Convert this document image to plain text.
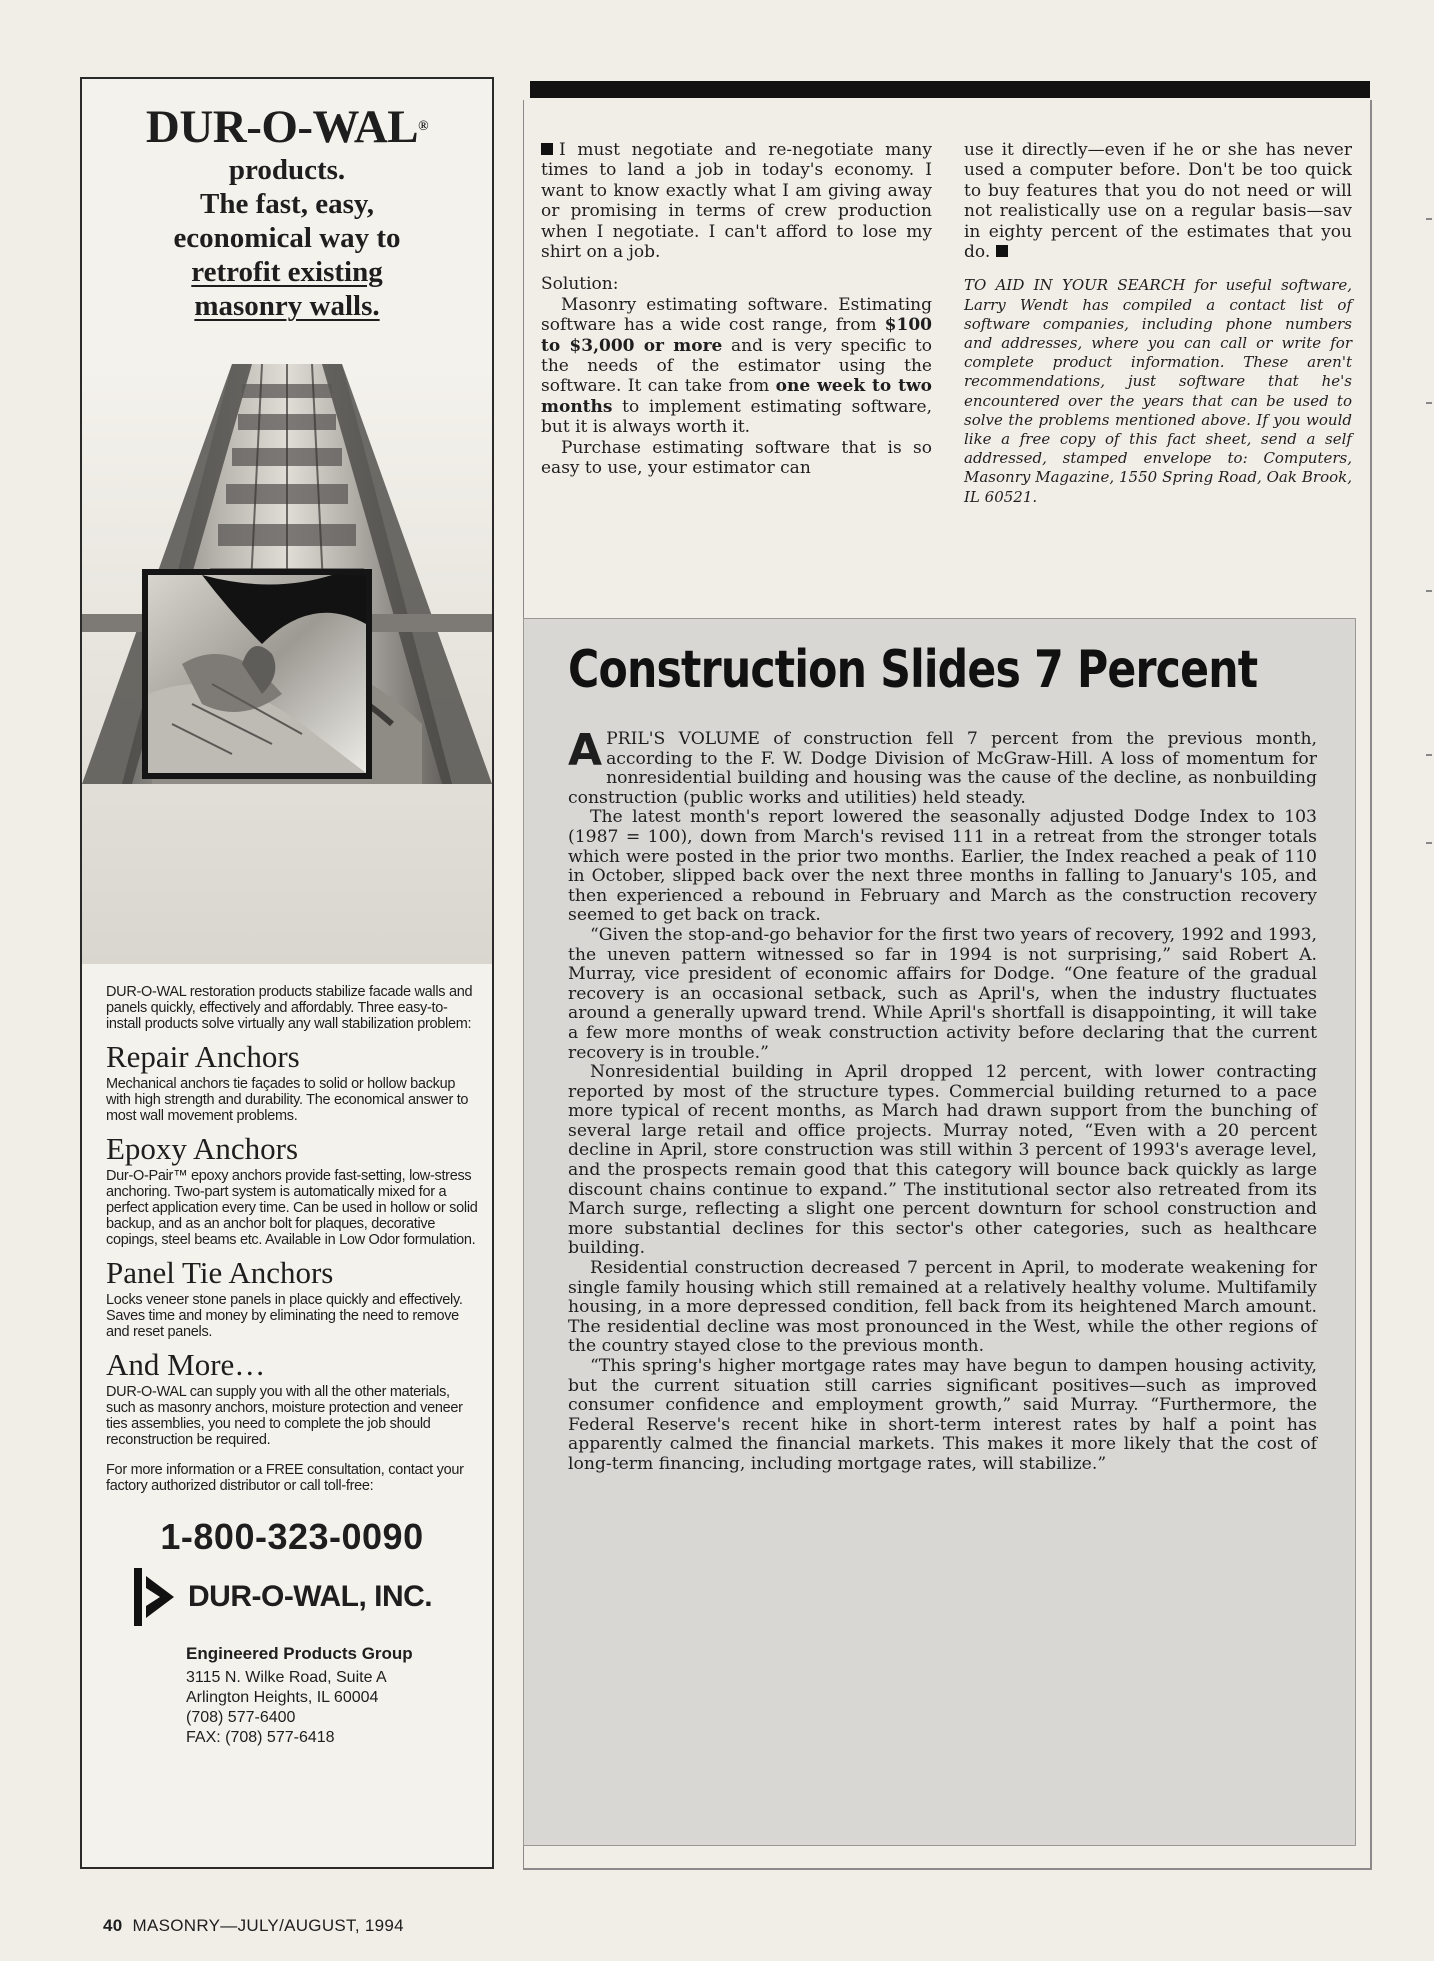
DUR-O-WAL®
products.
The fast, easy,
economical way to
retrofit existing
masonry walls.

DUR-O-WAL restoration products stabilize facade walls and panels quickly, effectively and affordably. Three easy-to-install products solve virtually any wall stabilization problem:

Repair Anchors

Mechanical anchors tie façades to solid or hollow backup with high strength and durability. The economical answer to most wall movement problems.

Epoxy Anchors

Dur-O-Pair™ epoxy anchors provide fast-setting, low-stress anchoring. Two-part system is automatically mixed for a perfect application every time. Can be used in hollow or solid backup, and as an anchor bolt for plaques, decorative copings, steel beams etc. Available in Low Odor formulation.

Panel Tie Anchors

Locks veneer stone panels in place quickly and effectively. Saves time and money by eliminating the need to remove and reset panels.

And More…

DUR-O-WAL can supply you with all the other materials, such as masonry anchors, moisture protection and veneer ties assemblies, you need to complete the job should reconstruction be required.

For more information or a FREE consultation, contact your factory authorized distributor or call toll-free:

1-800-323-0090
DUR-O-WAL, INC.
Engineered Products Group
3115 N. Wilke Road, Suite A
Arlington Heights, IL 60004
(708) 577-6400
FAX: (708) 577-6418

I must negotiate and re-negotiate many times to land a job in today's economy. I want to know exactly what I am giving away or promising in terms of crew production when I negotiate. I can't afford to lose my shirt on a job.

Solution:

Masonry estimating software. Estimating software has a wide cost range, from $100 to $3,000 or more and is very specific to the needs of the estimator using the software. It can take from one week to two months to implement estimating software, but it is always worth it.

Purchase estimating software that is so easy to use, your estimator can

use it directly—even if he or she has never used a computer before. Don't be too quick to buy features that you do not need or will not realistically use on a regular basis—sav in eighty percent of the estimates that you do.

TO AID IN YOUR SEARCH for useful software, Larry Wendt has compiled a contact list of software companies, including phone numbers and addresses, where you can call or write for complete product information. These aren't recommendations, just software that he's encountered over the years that can be used to solve the problems mentioned above. If you would like a free copy of this fact sheet, send a self addressed, stamped envelope to: Computers, Masonry Magazine, 1550 Spring Road, Oak Brook, IL 60521.

Construction Slides 7 Percent

APRIL'S VOLUME of construction fell 7 percent from the previous month, according to the F. W. Dodge Division of McGraw-Hill. A loss of momentum for nonresidential building and housing was the cause of the decline, as nonbuilding construction (public works and utilities) held steady.

The latest month's report lowered the seasonally adjusted Dodge Index to 103 (1987 = 100), down from March's revised 111 in a retreat from the stronger totals which were posted in the prior two months. Earlier, the Index reached a peak of 110 in October, slipped back over the next three months in falling to January's 105, and then experienced a rebound in February and March as the construction recovery seemed to get back on track.

“Given the stop-and-go behavior for the first two years of recovery, 1992 and 1993, the uneven pattern witnessed so far in 1994 is not surprising,” said Robert A. Murray, vice president of economic affairs for Dodge. “One feature of the gradual recovery is an occasional setback, such as April's, when the industry fluctuates around a generally upward trend. While April's shortfall is disappointing, it will take a few more months of weak construction activity before declaring that the current recovery is in trouble.”

Nonresidential building in April dropped 12 percent, with lower contracting reported by most of the structure types. Commercial building returned to a pace more typical of recent months, as March had drawn support from the bunching of several large retail and office projects. Murray noted, “Even with a 20 percent decline in April, store construction was still within 3 percent of 1993's average level, and the prospects remain good that this category will bounce back quickly as large discount chains continue to expand.” The institutional sector also retreated from its March surge, reflecting a slight one percent downturn for school construction and more substantial declines for this sector's other categories, such as healthcare building.

Residential construction decreased 7 percent in April, to moderate weakening for single family housing which still remained at a relatively healthy volume. Multifamily housing, in a more depressed condition, fell back from its heightened March amount. The residential decline was most pronounced in the West, while the other regions of the country stayed close to the previous month.

“This spring's higher mortgage rates may have begun to dampen housing activity, but the current situation still carries significant positives—such as improved consumer confidence and employment growth,” said Murray. “Furthermore, the Federal Reserve's recent hike in short-term interest rates by half a point has apparently calmed the financial markets. This makes it more likely that the cost of long-term financing, including mortgage rates, will stabilize.”

40 MASONRY—JULY/AUGUST, 1994
